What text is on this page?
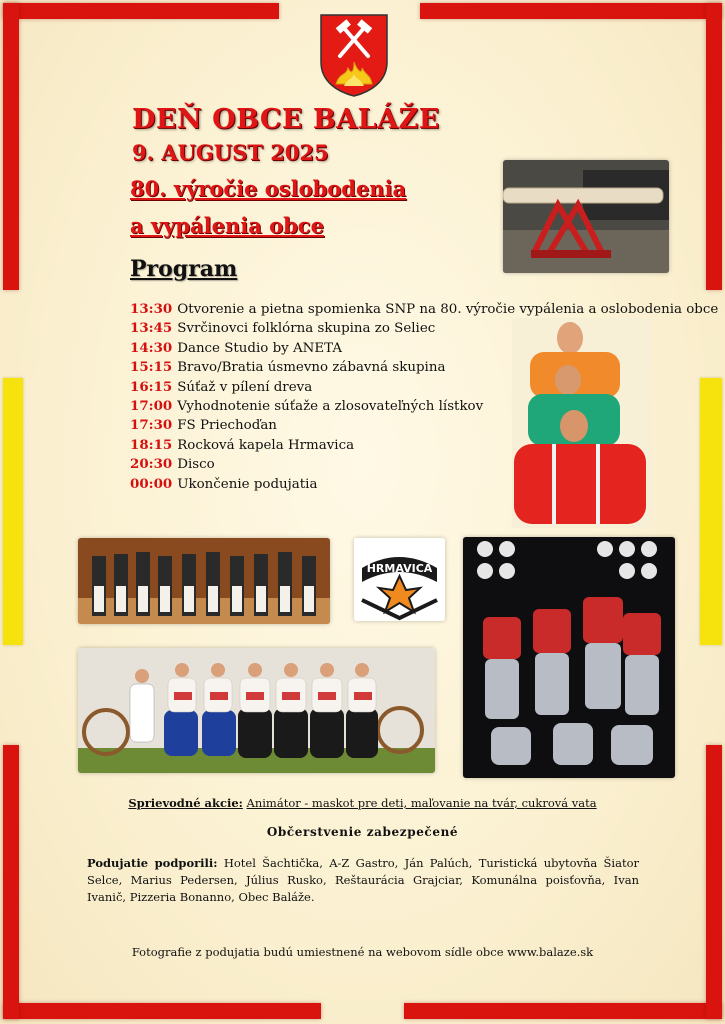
DEŇ OBCE BALÁŽE
9. AUGUST 2025
80. výročie oslobodenia
a vypálenia obce
Program
13:30 Otvorenie a pietna spomienka SNP na 80. výročie vypálenia a oslobodenia obce
13:45 Svrčinovci folklórna skupina zo Seliec
14:30 Dance Studio by ANETA
15:15 Bravo/Bratia úsmevno zábavná skupina
16:15 Súťaž v pílení dreva
17:00 Vyhodnotenie súťaže a zlosovateľných lístkov
17:30 FS Priechoďan
18:15 Rocková kapela Hrmavica
20:30 Disco
00:00 Ukončenie podujatia
HRMAVICA
Sprievodné akcie: Animátor - maskot pre deti, maľovanie na tvár, cukrová vata
Občerstvenie zabezpečené
Podujatie podporili: Hotel Šachtička, A-Z Gastro, Ján Palúch, Turistická ubytovňa Šiator Selce, Marius Pedersen, Július Rusko, Reštaurácia Grajciar, Komunálna poisťovňa, Ivan Ivanič, Pizzeria Bonanno, Obec Baláže.
Fotografie z podujatia budú umiestnené na webovom sídle obce www.balaze.sk
